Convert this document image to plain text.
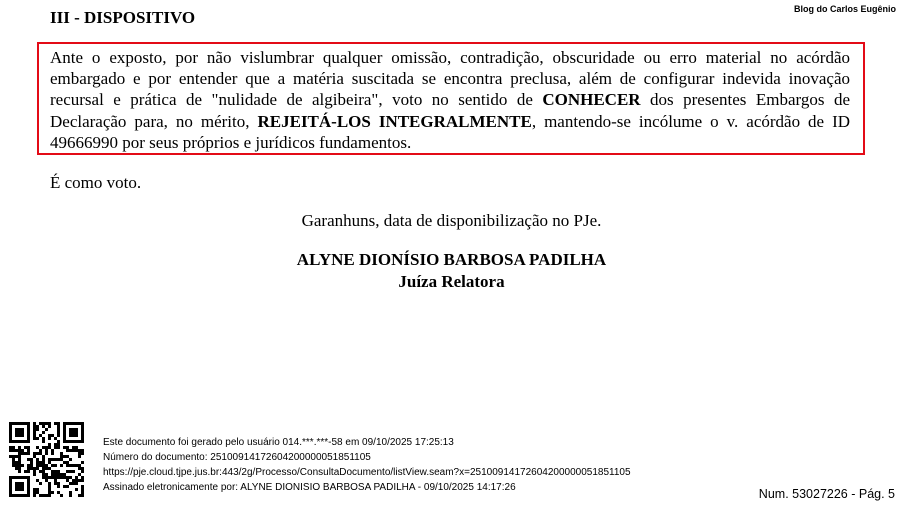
III - DISPOSITIVO	Blog do Carlos Eugênio

Ante o exposto, por não vislumbrar qualquer omissão, contradição, obscuridade ou erro material no acórdão embargado e por entender que a matéria suscitada se encontra preclusa, além de configurar indevida inovação recursal e prática de "nulidade de algibeira", voto no sentido de CONHECER dos presentes Embargos de Declaração para, no mérito, REJEITÁ-LOS INTEGRALMENTE, mantendo-se incólume o v. acórdão de ID 49666990 por seus próprios e jurídicos fundamentos.

É como voto.

Garanhuns, data de disponibilização no PJe.

ALYNE DIONÍSIO BARBOSA PADILHA

Juíza Relatora

Este documento foi gerado pelo usuário 014.***.***-58 em 09/10/2025 17:25:13
Número do documento: 25100914172604200000051851105
https://pje.cloud.tjpe.jus.br:443/2g/Processo/ConsultaDocumento/listView.seam?x=25100914172604200000051851105
Assinado eletronicamente por: ALYNE DIONISIO BARBOSA PADILHA - 09/10/2025 14:17:26	Num. 53027226 - Pág. 5
